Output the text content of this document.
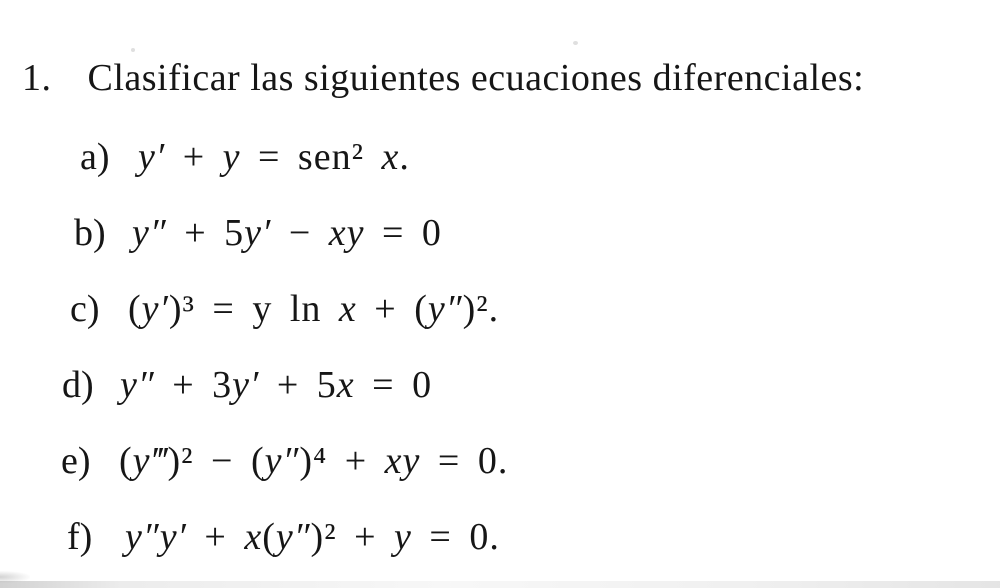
1. Clasificar las siguientes ecuaciones diferenciales:
a) y′ + y = sen² x.
b) y″ + 5y′ − xy = 0
c) (y′)³ = y ln x + (y″)².
d) y″ + 3y′ + 5x = 0
e) (y‴)² − (y″)⁴ + xy = 0.
f) y″y′ + x(y″)² + y = 0.
